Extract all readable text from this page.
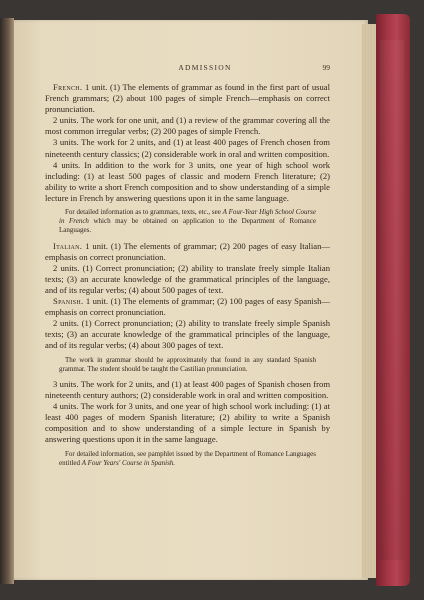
ADMISSION	99

French. 1 unit. (1) The elements of grammar as found in the first part of usual French grammars; (2) about 100 pages of simple French—emphasis on correct pronunciation.

2 units. The work for one unit, and (1) a review of the grammar covering all the most common irregular verbs; (2) 200 pages of simple French.

3 units. The work for 2 units, and (1) at least 400 pages of French chosen from nineteenth century classics; (2) considerable work in oral and written composition.

4 units. In addition to the work for 3 units, one year of high school work including: (1) at least 500 pages of classic and modern French literature; (2) ability to write a short French composition and to show understanding of a simple lecture in French by answering questions upon it in the same language.

For detailed information as to grammars, texts, etc., see A Four-Year High School Course in French which may be obtained on application to the Department of Romance Languages.

Italian. 1 unit. (1) The elements of grammar; (2) 200 pages of easy Italian—emphasis on correct pronunciation.

2 units. (1) Correct pronunciation; (2) ability to translate freely simple Italian texts; (3) an accurate knowledge of the grammatical principles of the language, and of its regular verbs; (4) about 500 pages of text.

Spanish. 1 unit. (1) The elements of grammar; (2) 100 pages of easy Spanish—emphasis on correct pronunciation.

2 units. (1) Correct pronunciation; (2) ability to translate freely simple Spanish texts; (3) an accurate knowledge of the grammatical principles of the language, and of its regular verbs; (4) about 300 pages of text.

The work in grammar should be approximately that found in any standard Spanish grammar. The student should be taught the Castilian pronunciation.

3 units. The work for 2 units, and (1) at least 400 pages of Spanish chosen from nineteenth century authors; (2) considerable work in oral and written composition.

4 units. The work for 3 units, and one year of high school work including: (1) at least 400 pages of modern Spanish literature; (2) ability to write a Spanish composition and to show understanding of a simple lecture in Spanish by answering questions upon it in the same language.

For detailed information, see pamphlet issued by the Department of Romance Languages entitled A Four Years' Course in Spanish.
